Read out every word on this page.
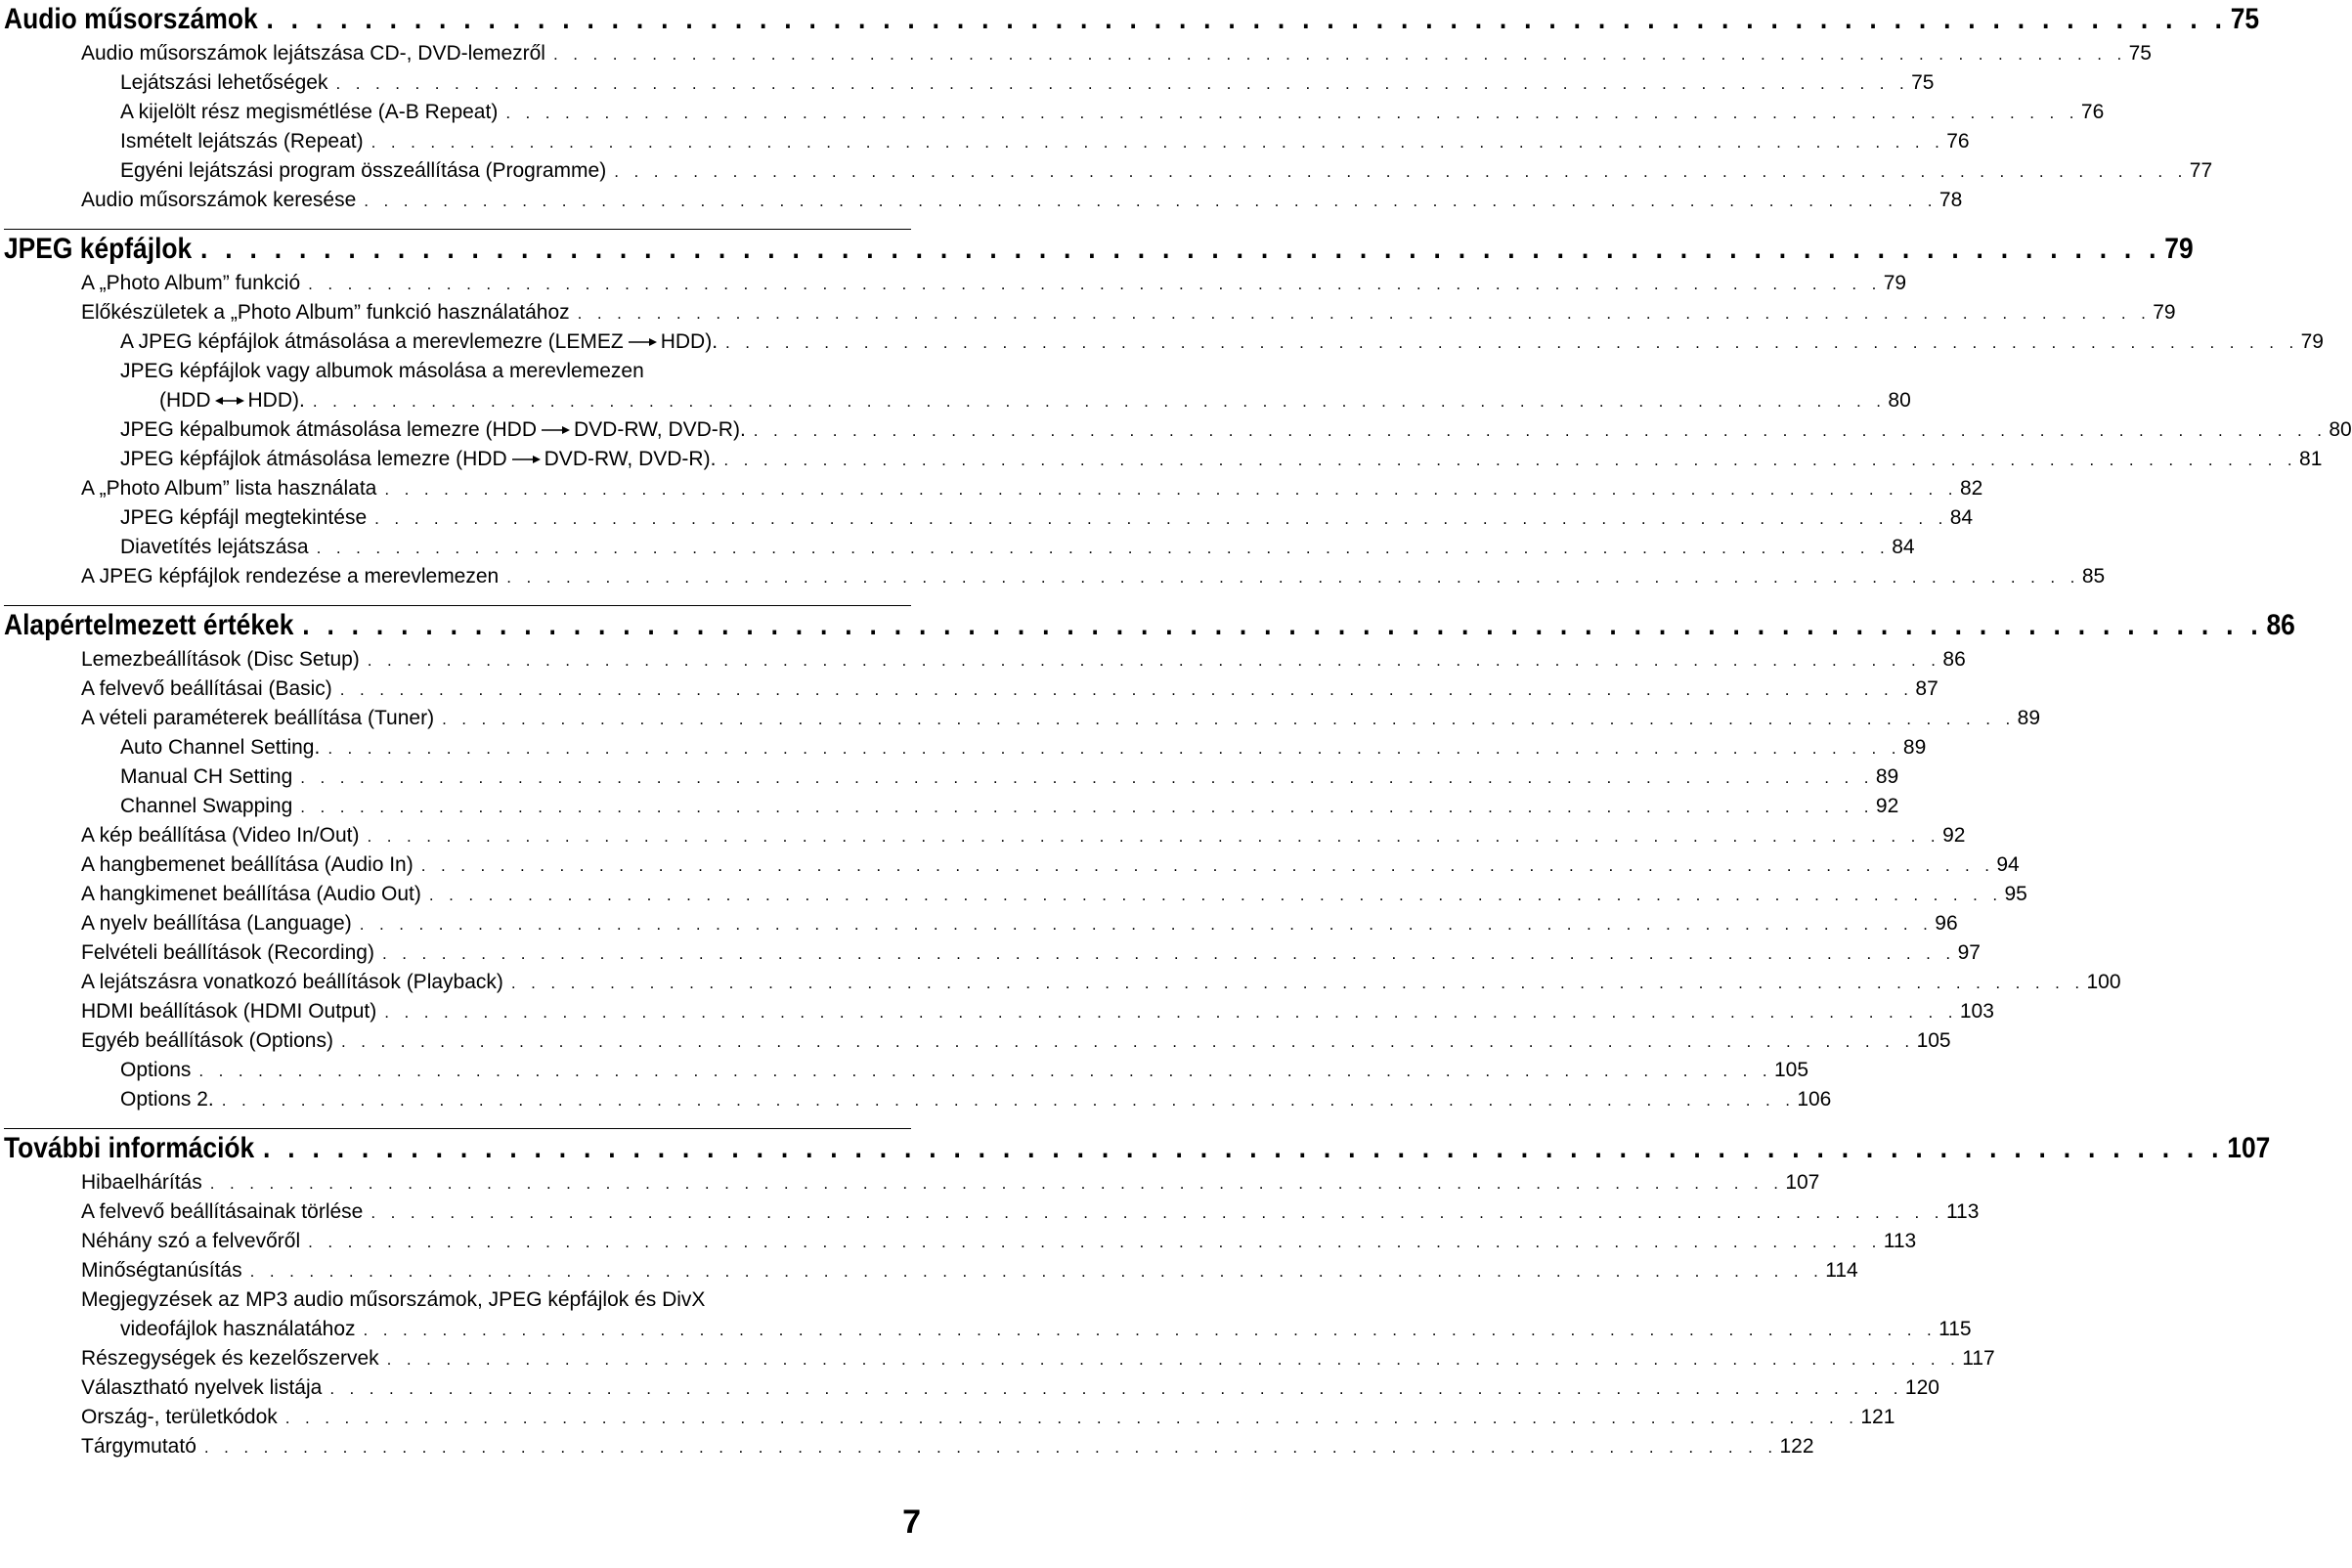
Audio műsorszámok . . . . . . . . . . . . . . . . . . . . . . . . . . . . . . . . . . . . . . . . . . . . . . . . . . . . . . . . . . . . . . . . . . . . . . . . . . . . . . . . 75
Audio műsorszámok lejátszása CD-, DVD-lemezről . . . . . . . . . . . . . . . . . . . . . . . . . . . . . . . . . . . . . . . . . . . . . . . . . . . . . . . . . . . . . . . . . . . . . . . . . . . . . . . . 75
Lejátszási lehetőségek . . . . . . . . . . . . . . . . . . . . . . . . . . . . . . . . . . . . . . . . . . . . . . . . . . . . . . . . . . . . . . . . . . . . . . . . . . . . . . . . 75
A kijelölt rész megismétlése (A-B Repeat) . . . . . . . . . . . . . . . . . . . . . . . . . . . . . . . . . . . . . . . . . . . . . . . . . . . . . . . . . . . . . . . . . . . . . . . . . . . . . . . . 76
Ismételt lejátszás (Repeat) . . . . . . . . . . . . . . . . . . . . . . . . . . . . . . . . . . . . . . . . . . . . . . . . . . . . . . . . . . . . . . . . . . . . . . . . . . . . . . . . 76
Egyéni lejátszási program összeállítása (Programme) . . . . . . . . . . . . . . . . . . . . . . . . . . . . . . . . . . . . . . . . . . . . . . . . . . . . . . . . . . . . . . . . . . . . . . . . . . . . . . . . 77
Audio műsorszámok keresése . . . . . . . . . . . . . . . . . . . . . . . . . . . . . . . . . . . . . . . . . . . . . . . . . . . . . . . . . . . . . . . . . . . . . . . . . . . . . . . . 78
JPEG képfájlok . . . . . . . . . . . . . . . . . . . . . . . . . . . . . . . . . . . . . . . . . . . . . . . . . . . . . . . . . . . . . . . . . . . . . . . . . . . . . . . . 79
A „Photo Album” funkció . . . . . . . . . . . . . . . . . . . . . . . . . . . . . . . . . . . . . . . . . . . . . . . . . . . . . . . . . . . . . . . . . . . . . . . . . . . . . . . . 79
Előkészületek a „Photo Album” funkció használatához . . . . . . . . . . . . . . . . . . . . . . . . . . . . . . . . . . . . . . . . . . . . . . . . . . . . . . . . . . . . . . . . . . . . . . . . . . . . . . . . 79
A JPEG képfájlok átmásolása a merevlemezre (LEMEZ HDD). . . . . . . . . . . . . . . . . . . . . . . . . . . . . . . . . . . . . . . . . . . . . . . . . . . . . . . . . . . . . . . . . . . . . . . . . . . . . . . . . 79
JPEG képfájlok vagy albumok másolása a merevlemezen
(HDD HDD). . . . . . . . . . . . . . . . . . . . . . . . . . . . . . . . . . . . . . . . . . . . . . . . . . . . . . . . . . . . . . . . . . . . . . . . . . . . . . . . . 80
JPEG képalbumok átmásolása lemezre (HDD DVD-RW, DVD-R). . . . . . . . . . . . . . . . . . . . . . . . . . . . . . . . . . . . . . . . . . . . . . . . . . . . . . . . . . . . . . . . . . . . . . . . . . . . . . . . . 80
JPEG képfájlok átmásolása lemezre (HDD DVD-RW, DVD-R). . . . . . . . . . . . . . . . . . . . . . . . . . . . . . . . . . . . . . . . . . . . . . . . . . . . . . . . . . . . . . . . . . . . . . . . . . . . . . . . . 81
A „Photo Album” lista használata . . . . . . . . . . . . . . . . . . . . . . . . . . . . . . . . . . . . . . . . . . . . . . . . . . . . . . . . . . . . . . . . . . . . . . . . . . . . . . . . 82
JPEG képfájl megtekintése . . . . . . . . . . . . . . . . . . . . . . . . . . . . . . . . . . . . . . . . . . . . . . . . . . . . . . . . . . . . . . . . . . . . . . . . . . . . . . . . 84
Diavetítés lejátszása . . . . . . . . . . . . . . . . . . . . . . . . . . . . . . . . . . . . . . . . . . . . . . . . . . . . . . . . . . . . . . . . . . . . . . . . . . . . . . . . 84
A JPEG képfájlok rendezése a merevlemezen . . . . . . . . . . . . . . . . . . . . . . . . . . . . . . . . . . . . . . . . . . . . . . . . . . . . . . . . . . . . . . . . . . . . . . . . . . . . . . . . 85
Alapértelmezett értékek . . . . . . . . . . . . . . . . . . . . . . . . . . . . . . . . . . . . . . . . . . . . . . . . . . . . . . . . . . . . . . . . . . . . . . . . . . . . . . . . 86
Lemezbeállítások (Disc Setup) . . . . . . . . . . . . . . . . . . . . . . . . . . . . . . . . . . . . . . . . . . . . . . . . . . . . . . . . . . . . . . . . . . . . . . . . . . . . . . . . 86
A felvevő beállításai (Basic) . . . . . . . . . . . . . . . . . . . . . . . . . . . . . . . . . . . . . . . . . . . . . . . . . . . . . . . . . . . . . . . . . . . . . . . . . . . . . . . . 87
A vételi paraméterek beállítása (Tuner) . . . . . . . . . . . . . . . . . . . . . . . . . . . . . . . . . . . . . . . . . . . . . . . . . . . . . . . . . . . . . . . . . . . . . . . . . . . . . . . . 89
Auto Channel Setting. . . . . . . . . . . . . . . . . . . . . . . . . . . . . . . . . . . . . . . . . . . . . . . . . . . . . . . . . . . . . . . . . . . . . . . . . . . . . . . . . 89
Manual CH Setting . . . . . . . . . . . . . . . . . . . . . . . . . . . . . . . . . . . . . . . . . . . . . . . . . . . . . . . . . . . . . . . . . . . . . . . . . . . . . . . . 89
Channel Swapping . . . . . . . . . . . . . . . . . . . . . . . . . . . . . . . . . . . . . . . . . . . . . . . . . . . . . . . . . . . . . . . . . . . . . . . . . . . . . . . . 92
A kép beállítása (Video In/Out) . . . . . . . . . . . . . . . . . . . . . . . . . . . . . . . . . . . . . . . . . . . . . . . . . . . . . . . . . . . . . . . . . . . . . . . . . . . . . . . . 92
A hangbemenet beállítása (Audio In) . . . . . . . . . . . . . . . . . . . . . . . . . . . . . . . . . . . . . . . . . . . . . . . . . . . . . . . . . . . . . . . . . . . . . . . . . . . . . . . . 94
A hangkimenet beállítása (Audio Out) . . . . . . . . . . . . . . . . . . . . . . . . . . . . . . . . . . . . . . . . . . . . . . . . . . . . . . . . . . . . . . . . . . . . . . . . . . . . . . . . 95
A nyelv beállítása (Language) . . . . . . . . . . . . . . . . . . . . . . . . . . . . . . . . . . . . . . . . . . . . . . . . . . . . . . . . . . . . . . . . . . . . . . . . . . . . . . . . 96
Felvételi beállítások (Recording) . . . . . . . . . . . . . . . . . . . . . . . . . . . . . . . . . . . . . . . . . . . . . . . . . . . . . . . . . . . . . . . . . . . . . . . . . . . . . . . . 97
A lejátszásra vonatkozó beállítások (Playback) . . . . . . . . . . . . . . . . . . . . . . . . . . . . . . . . . . . . . . . . . . . . . . . . . . . . . . . . . . . . . . . . . . . . . . . . . . . . . . . . 100
HDMI beállítások (HDMI Output) . . . . . . . . . . . . . . . . . . . . . . . . . . . . . . . . . . . . . . . . . . . . . . . . . . . . . . . . . . . . . . . . . . . . . . . . . . . . . . . . 103
Egyéb beállítások (Options) . . . . . . . . . . . . . . . . . . . . . . . . . . . . . . . . . . . . . . . . . . . . . . . . . . . . . . . . . . . . . . . . . . . . . . . . . . . . . . . . 105
Options . . . . . . . . . . . . . . . . . . . . . . . . . . . . . . . . . . . . . . . . . . . . . . . . . . . . . . . . . . . . . . . . . . . . . . . . . . . . . . . . 105
Options 2. . . . . . . . . . . . . . . . . . . . . . . . . . . . . . . . . . . . . . . . . . . . . . . . . . . . . . . . . . . . . . . . . . . . . . . . . . . . . . . . . 106
További információk . . . . . . . . . . . . . . . . . . . . . . . . . . . . . . . . . . . . . . . . . . . . . . . . . . . . . . . . . . . . . . . . . . . . . . . . . . . . . . . . 107
Hibaelhárítás . . . . . . . . . . . . . . . . . . . . . . . . . . . . . . . . . . . . . . . . . . . . . . . . . . . . . . . . . . . . . . . . . . . . . . . . . . . . . . . . 107
A felvevő beállításainak törlése . . . . . . . . . . . . . . . . . . . . . . . . . . . . . . . . . . . . . . . . . . . . . . . . . . . . . . . . . . . . . . . . . . . . . . . . . . . . . . . . 113
Néhány szó a felvevőről . . . . . . . . . . . . . . . . . . . . . . . . . . . . . . . . . . . . . . . . . . . . . . . . . . . . . . . . . . . . . . . . . . . . . . . . . . . . . . . . 113
Minőségtanúsítás . . . . . . . . . . . . . . . . . . . . . . . . . . . . . . . . . . . . . . . . . . . . . . . . . . . . . . . . . . . . . . . . . . . . . . . . . . . . . . . . 114
Megjegyzések az MP3 audio műsorszámok, JPEG képfájlok és DivX
videofájlok használatához . . . . . . . . . . . . . . . . . . . . . . . . . . . . . . . . . . . . . . . . . . . . . . . . . . . . . . . . . . . . . . . . . . . . . . . . . . . . . . . . 115
Részegységek és kezelőszervek . . . . . . . . . . . . . . . . . . . . . . . . . . . . . . . . . . . . . . . . . . . . . . . . . . . . . . . . . . . . . . . . . . . . . . . . . . . . . . . . 117
Választható nyelvek listája . . . . . . . . . . . . . . . . . . . . . . . . . . . . . . . . . . . . . . . . . . . . . . . . . . . . . . . . . . . . . . . . . . . . . . . . . . . . . . . . 120
Ország-, területkódok . . . . . . . . . . . . . . . . . . . . . . . . . . . . . . . . . . . . . . . . . . . . . . . . . . . . . . . . . . . . . . . . . . . . . . . . . . . . . . . . 121
Tárgymutató . . . . . . . . . . . . . . . . . . . . . . . . . . . . . . . . . . . . . . . . . . . . . . . . . . . . . . . . . . . . . . . . . . . . . . . . . . . . . . . . 122
7
